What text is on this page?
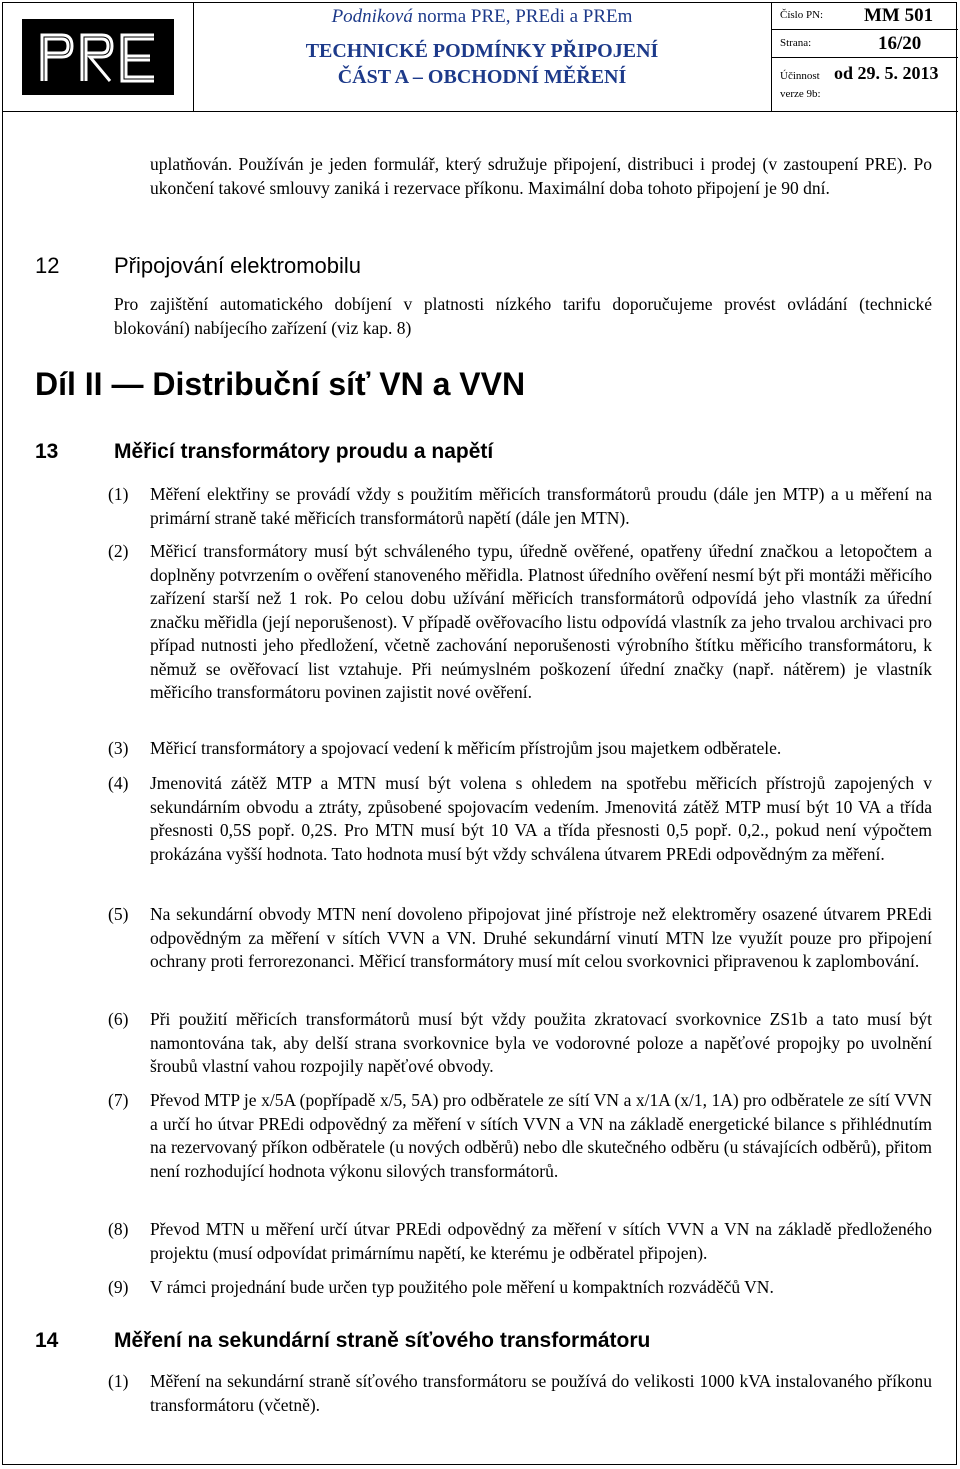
Podniková norma PRE, PREdi a PREm
TECHNICKÉ PODMÍNKY PŘIPOJENÍ
ČÁST A – OBCHODNÍ MĚŘENÍ
Číslo PN: MM 501
Strana:	16/20
Účinnost
verze 9b:
od 29. 5. 2013
uplatňován. Používán je jeden formulář, který sdružuje připojení, distribuci i prodej (v zastoupení PRE). Po ukončení takové smlouvy zaniká i rezervace příkonu. Maximální doba tohoto připojení je 90 dní.
12 Připojování elektromobilu
Pro zajištění automatického dobíjení v platnosti nízkého tarifu doporučujeme provést ovládání (technické blokování) nabíjecího zařízení (viz kap. 8)
Díl II — Distribuční síť VN a VVN
13	Měřicí transformátory proudu a napětí
(1) Měření elektřiny se provádí vždy s použitím měřicích transformátorů proudu (dále jen MTP) a u měření na primární straně také měřicích transformátorů napětí (dále jen MTN).
(2) Měřicí transformátory musí být schváleného typu, úředně ověřené, opatřeny úřední značkou a letopočtem a doplněny potvrzením o ověření stanoveného měřidla. Platnost úředního ověření nesmí být při montáži měřicího zařízení starší než 1 rok. Po celou dobu užívání měřicích transformátorů odpovídá jeho vlastník za úřední značku měřidla (její neporušenost). V případě ověřovacího listu odpovídá vlastník za jeho trvalou archivaci pro případ nutnosti jeho předložení, včetně zachování neporušenosti výrobního štítku měřicího transformátoru, k němuž se ověřovací list vztahuje. Při neúmyslném poškození úřední značky (např. nátěrem) je vlastník měřicího transformátoru povinen zajistit nové ověření.
(3) Měřicí transformátory a spojovací vedení k měřicím přístrojům jsou majetkem odběratele.
(4) Jmenovitá zátěž MTP a MTN musí být volena s ohledem na spotřebu měřicích přístrojů zapojených v sekundárním obvodu a ztráty, způsobené spojovacím vedením. Jmenovitá zátěž MTP musí být 10 VA a třída přesnosti 0,5S popř. 0,2S. Pro MTN musí být 10 VA a třída přesnosti 0,5 popř. 0,2., pokud není výpočtem prokázána vyšší hodnota. Tato hodnota musí být vždy schválena útvarem PREdi odpovědným za měření.
(5) Na sekundární obvody MTN není dovoleno připojovat jiné přístroje než elektroměry osazené útvarem PREdi odpovědným za měření v sítích VVN a VN. Druhé sekundární vinutí MTN lze využít pouze pro připojení ochrany proti ferrorezonanci. Měřicí transformátory musí mít celou svorkovnici připravenou k zaplombování.
(6) Při použití měřicích transformátorů musí být vždy použita zkratovací svorkovnice ZS1b a tato musí být namontována tak, aby delší strana svorkovnice byla ve vodorovné poloze a napěťové propojky po uvolnění šroubů vlastní vahou rozpojily napěťové obvody.
(7) Převod MTP je x/5A (popřípadě x/5, 5A) pro odběratele ze sítí VN a x/1A (x/1, 1A) pro odběratele ze sítí VVN a určí ho útvar PREdi odpovědný za měření v sítích VVN a VN na základě energetické bilance s přihlédnutím na rezervovaný příkon odběratele (u nových odběrů) nebo dle skutečného odběru (u stávajících odběrů), přitom není rozhodující hodnota výkonu silových transformátorů.
(8) Převod MTN u měření určí útvar PREdi odpovědný za měření v sítích VVN a VN na základě předloženého projektu (musí odpovídat primárnímu napětí, ke kterému je odběratel připojen).
(9) V rámci projednání bude určen typ použitého pole měření u kompaktních rozváděčů VN.
14	Měření na sekundární straně síťového transformátoru
(1) Měření na sekundární straně síťového transformátoru se používá do velikosti 1000 kVA instalovaného příkonu transformátoru (včetně).
